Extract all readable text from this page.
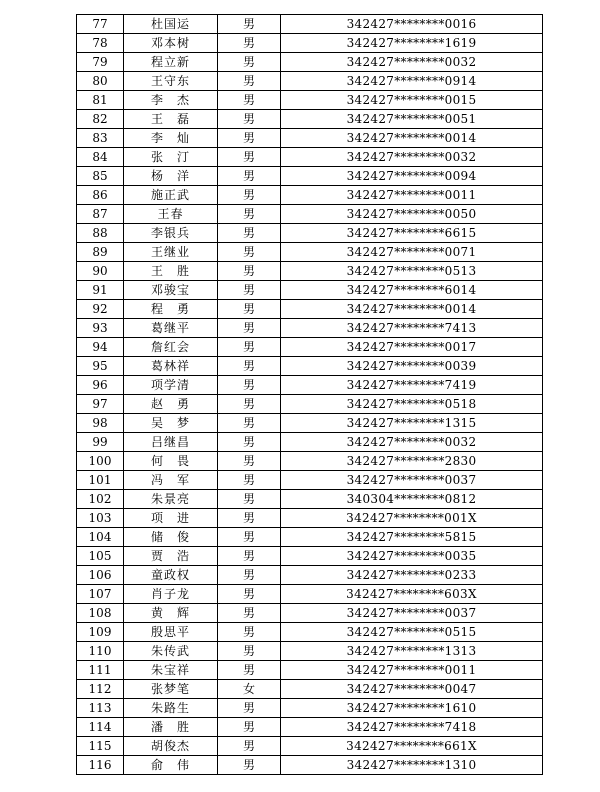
77	杜国运	男	342427********0016
78	邓本树	男	342427********1619
79	程立新	男	342427********0032
80	王守东	男	342427********0914
81	李　杰	男	342427********0015
82	王　磊	男	342427********0051
83	李　灿	男	342427********0014
84	张　汀	男	342427********0032
85	杨　洋	男	342427********0094
86	施正武	男	342427********0011
87	王春	男	342427********0050
88	李银兵	男	342427********6615
89	王继业	男	342427********0071
90	王　胜	男	342427********0513
91	邓骏宝	男	342427********6014
92	程　勇	男	342427********0014
93	葛继平	男	342427********7413
94	詹红会	男	342427********0017
95	葛林祥	男	342427********0039
96	项学清	男	342427********7419
97	赵　勇	男	342427********0518
98	吴　梦	男	342427********1315
99	吕继昌	男	342427********0032
100	何　畏	男	342427********2830
101	冯　军	男	342427********0037
102	朱景亮	男	340304********0812
103	项　进	男	342427********001X
104	储　俊	男	342427********5815
105	贾　浩	男	342427********0035
106	童政权	男	342427********0233
107	肖子龙	男	342427********603X
108	黄　辉	男	342427********0037
109	殷思平	男	342427********0515
110	朱传武	男	342427********1313
111	朱宝祥	男	342427********0011
112	张梦笔	女	342427********0047
113	朱路生	男	342427********1610
114	潘　胜	男	342427********7418
115	胡俊杰	男	342427********661X
116	俞　伟	男	342427********1310
